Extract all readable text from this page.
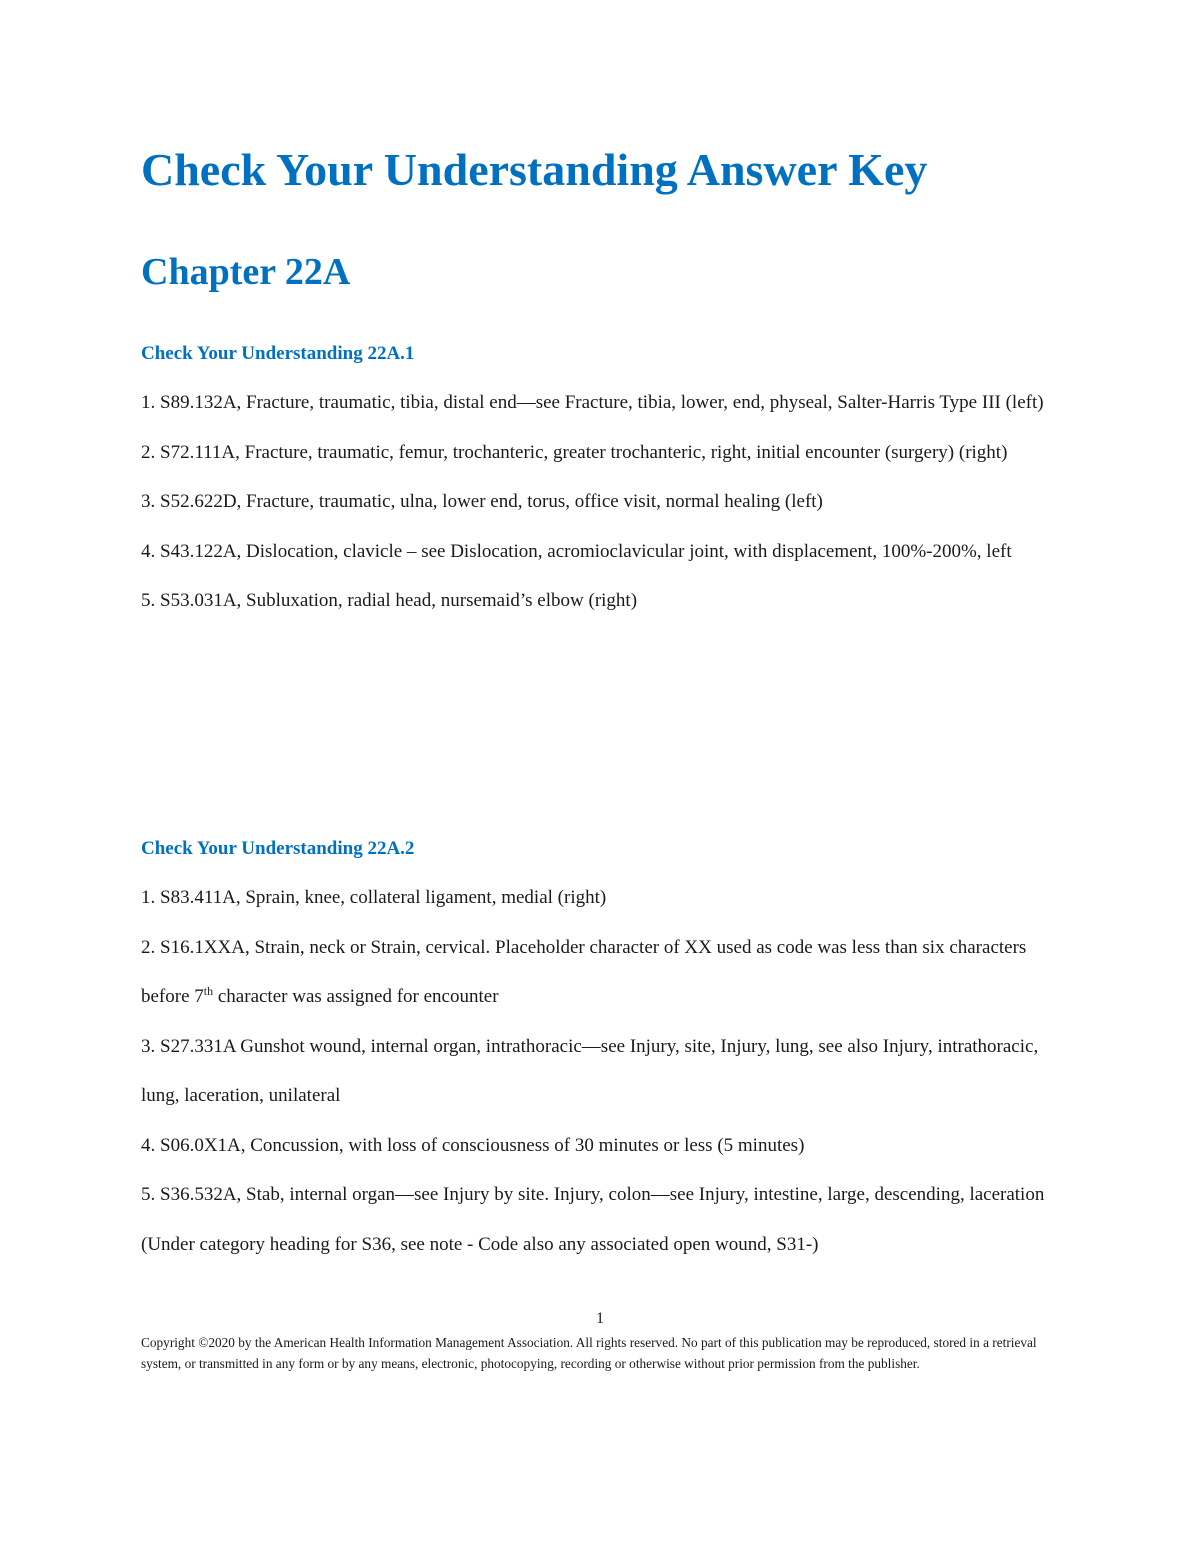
Check Your Understanding Answer Key
Chapter 22A
Check Your Understanding 22A.1
1. S89.132A, Fracture, traumatic, tibia, distal end—see Fracture, tibia, lower, end, physeal, Salter-Harris Type III (left)
2. S72.111A, Fracture, traumatic, femur, trochanteric, greater trochanteric, right, initial encounter (surgery) (right)
3. S52.622D, Fracture, traumatic, ulna, lower end, torus, office visit, normal healing (left)
4. S43.122A, Dislocation, clavicle – see Dislocation, acromioclavicular joint, with displacement, 100%-200%, left
5. S53.031A, Subluxation, radial head, nursemaid’s elbow (right)
Check Your Understanding 22A.2
1. S83.411A, Sprain, knee, collateral ligament, medial (right)
2. S16.1XXA, Strain, neck or Strain, cervical. Placeholder character of XX used as code was less than six characters before 7th character was assigned for encounter
3. S27.331A Gunshot wound, internal organ, intrathoracic—see Injury, site, Injury, lung, see also Injury, intrathoracic, lung, laceration, unilateral
4. S06.0X1A, Concussion, with loss of consciousness of 30 minutes or less (5 minutes)
5. S36.532A, Stab, internal organ—see Injury by site. Injury, colon—see Injury, intestine, large, descending, laceration

(Under category heading for S36, see note - Code also any associated open wound, S31-)

1

Copyright ©2020 by the American Health Information Management Association. All rights reserved. No part of this publication may be reproduced, stored in a retrieval system, or transmitted in any form or by any means, electronic, photocopying, recording or otherwise without prior permission from the publisher.
